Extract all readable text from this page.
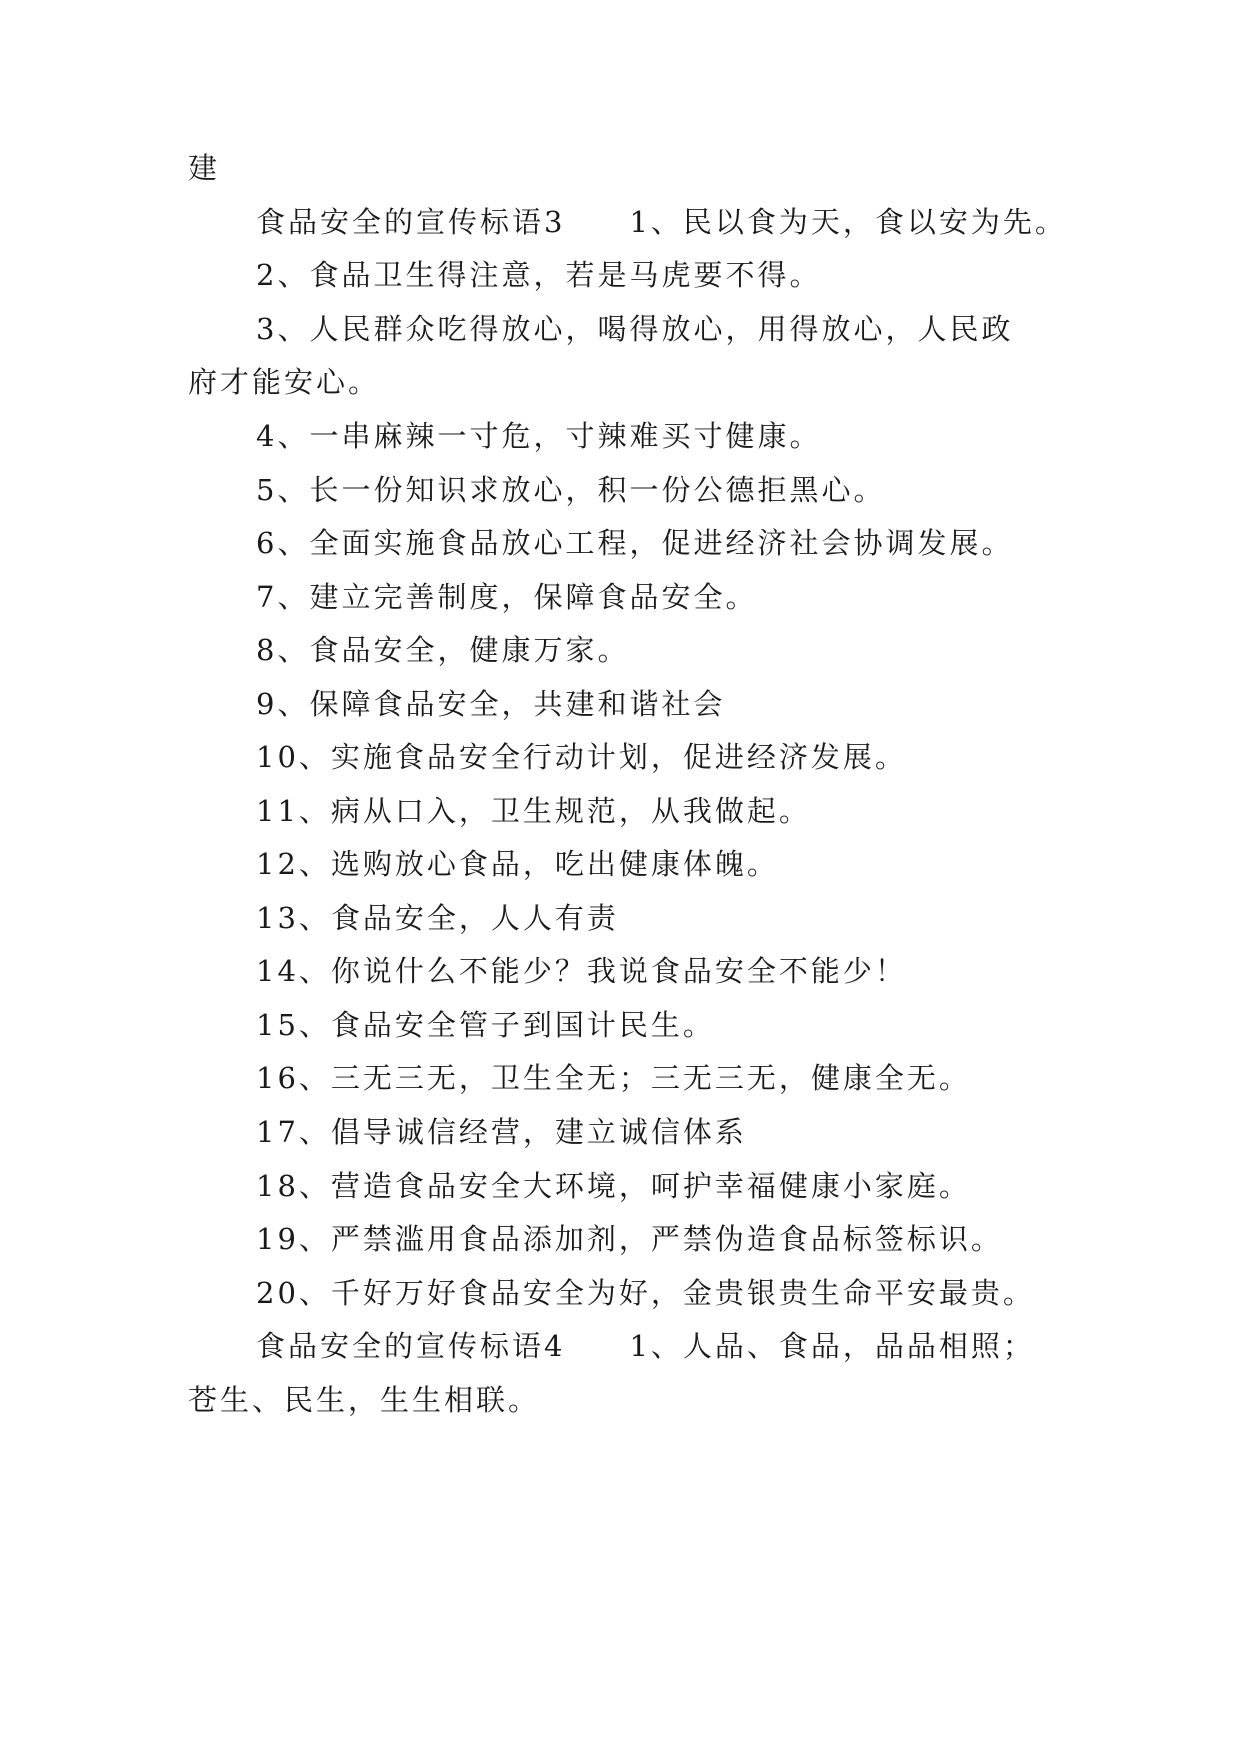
建
食品安全的宣传标语3　　1、民以食为天，食以安为先。
2、食品卫生得注意，若是马虎要不得。
3、人民群众吃得放心，喝得放心，用得放心，人民政
府才能安心。
4、一串麻辣一寸危，寸辣难买寸健康。
5、长一份知识求放心，积一份公德拒黑心。
6、全面实施食品放心工程，促进经济社会协调发展。
7、建立完善制度，保障食品安全。
8、食品安全，健康万家。
9、保障食品安全，共建和谐社会
10、实施食品安全行动计划，促进经济发展。
11、病从口入，卫生规范，从我做起。
12、选购放心食品，吃出健康体魄。
13、食品安全，人人有责
14、你说什么不能少？我说食品安全不能少！
15、食品安全管子到国计民生。
16、三无三无，卫生全无；三无三无，健康全无。
17、倡导诚信经营，建立诚信体系
18、营造食品安全大环境，呵护幸福健康小家庭。
19、严禁滥用食品添加剂，严禁伪造食品标签标识。
20、千好万好食品安全为好，金贵银贵生命平安最贵。
食品安全的宣传标语4　　1、人品、食品，品品相照；
苍生、民生，生生相联。
